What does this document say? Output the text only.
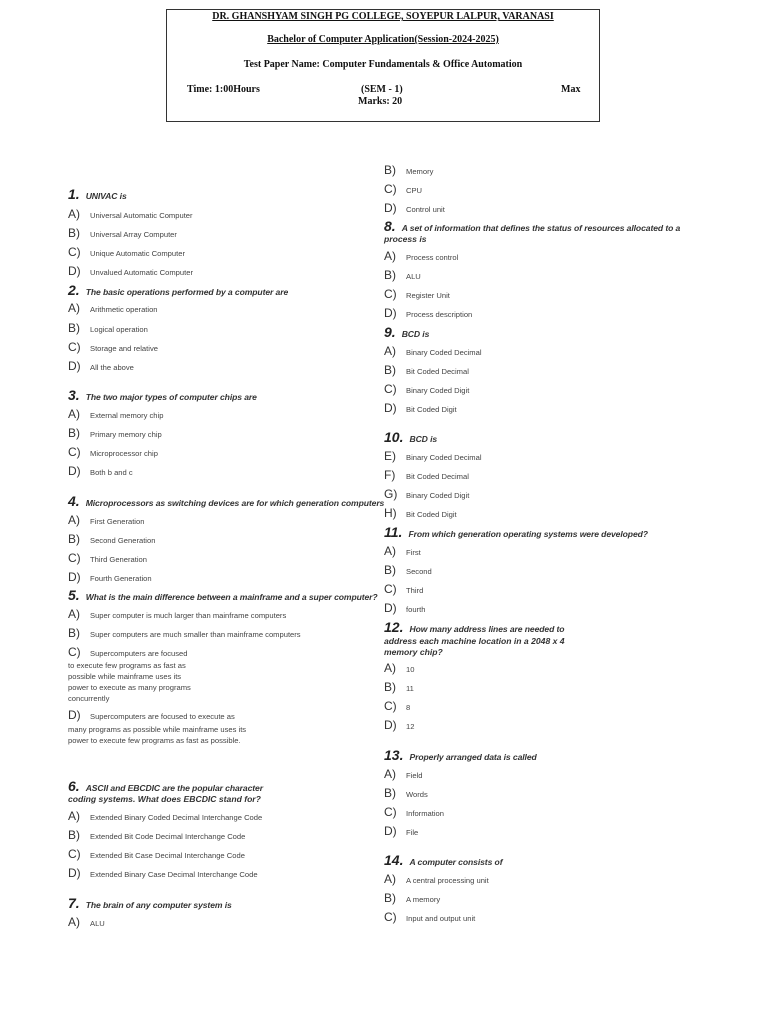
DR. GHANSHYAM SINGH PG COLLEGE, SOYEPUR LALPUR, VARANASI
Bachelor of Computer Application(Session-2024-2025)
Test Paper Name: Computer Fundamentals & Office Automation
Time: 1:00Hours	(SEM - 1)	Max
Marks: 20
1. UNIVAC is
A)	Universal Automatic Computer
B)	Universal Array Computer
C)	Unique Automatic Computer
D)	Unvalued Automatic Computer
2. The basic operations performed by a computer are
A)	Arithmetic operation
B)	Logical operation
C)	Storage and relative
D)	All the above
3. The two major types of computer chips are
A)	External memory chip
B)	Primary memory chip
C)	Microprocessor chip
D)	Both b and c
4. Microprocessors as switching devices are for which generation computers
A)	First Generation
B)	Second Generation
C)	Third Generation
D)	Fourth Generation
5. What is the main difference between a mainframe and a super computer?
A)	Super computer is much larger than mainframe computers
B)	Super computers are much smaller than mainframe computers
C)	Supercomputers are focused
to execute few programs as fast as
possible while mainframe uses its
power to execute as many programs
concurrently
D)	Supercomputers are focused to execute as
many programs as possible while mainframe uses its
power to execute few programs as fast as possible.
6. ASCII and EBCDIC are the popular character
coding systems. What does EBCDIC stand for?
A)	Extended Binary Coded Decimal Interchange Code
B)	Extended Bit Code Decimal Interchange Code
C)	Extended Bit Case Decimal Interchange Code
D)	Extended Binary Case Decimal Interchange Code
7. The brain of any computer system is
A)	ALU
B)	Memory
C)	CPU
D)	Control unit
8. A set of information that defines the status of resources allocated to a
process is
A)	Process control
B)	ALU
C)	Register Unit
D)	Process description
9. BCD is
A)	Binary Coded Decimal
B)	Bit Coded Decimal
C)	Binary Coded Digit
D)	Bit Coded Digit
10. BCD is
E)	Binary Coded Decimal
F)	Bit Coded Decimal
G)	Binary Coded Digit
H)	Bit Coded Digit
11. From which generation operating systems were developed?
A)	First
B)	Second
C)	Third
D)	fourth
12. How many address lines are needed to
address each machine location in a 2048 x 4
memory chip?
A)	10
B)	11
C)	8
D)	12
13. Properly arranged data is called
A)	Field
B)	Words
C)	Information
D)	File
14. A computer consists of
A)	A central processing unit
B)	A memory
C)	Input and output unit
